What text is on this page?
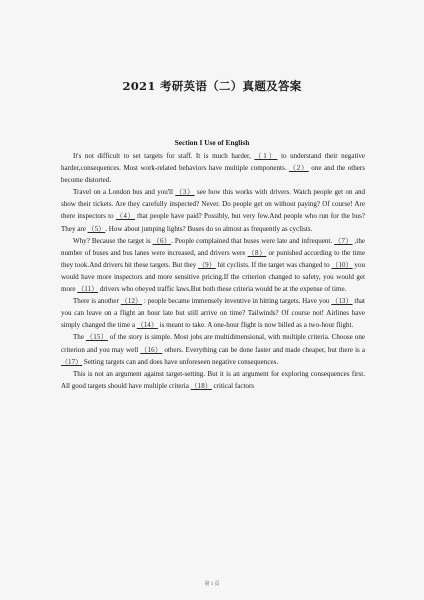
2021 考研英语（二）真题及答案
Section I Use of English

It's not difficult to set targets for staff. It is much harder, （1） to understand their negative harder,consequences. Most work-related behaviors have multiple components. （2） one and the others become distorted.

Travel on a London bus and you'll （3） see how this works with drivers. Watch people get on and show their tickets. Are they carefully inspected? Never. Do people get on without paying? Of course! Are there inspectors to （4） that people have paid? Possibly, but very few.And people who run for the bus? They are （5）. How about jumping lights? Buses do so almost as frequently as cyclists.

Why? Because the target is （6）. People complained that buses were late and infrequent. （7） ,the number of buses and bus lanes were increased, and drivers were （8） or punished according to the time they took.And drivers hit these targets. But they （9） hit cyclists. If the target was changed to （10） you would have more inspectors and more sensitive pricing.If the criterion changed to safety, you would get more （11） drivers who obeyed traffic laws.But both these criteria would be at the expense of time.

There is another （12） : people became immensely inventive in hitting targets. Have you （13） that you can leave on a flight an hour late but still arrive on time? Tailwinds? Of course not! Airlines have simply changed the time a （14） is meant to take. A one-hour flight is now billed as a two-hour flight.

The （15） of the story is simple. Most jobs are multidimensional, with multiple criteria. Choose one criterion and you may well （16） others. Everything can be done faster and made cheaper, but there is a （17） Setting targets can and does have unforeseen negative consequences.

This is not an argument against target-setting. But it is an argument for exploring consequences first. All good targets should have multiple criteria （18） critical factors

第 1 页
